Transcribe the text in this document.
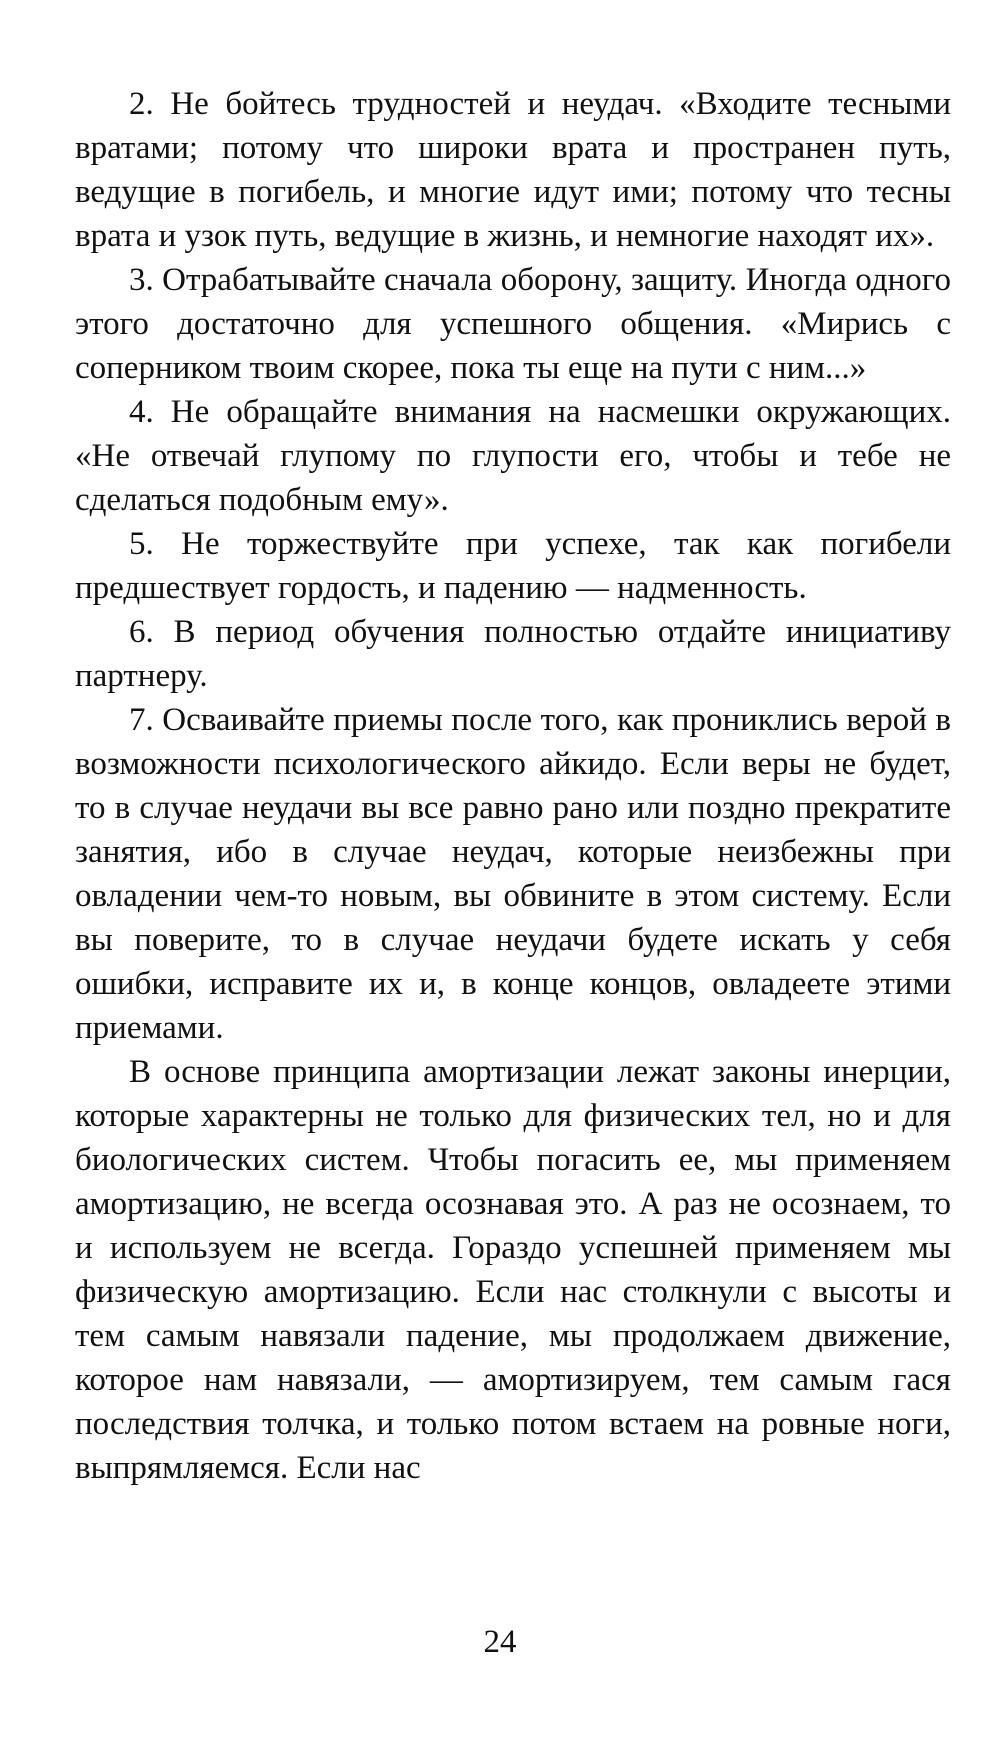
2. Не бойтесь трудностей и неудач. «Входите тесными вратами; потому что широки врата и пространен путь, ведущие в погибель, и многие идут ими; потому что тесны врата и узок путь, ведущие в жизнь, и немногие находят их».

3. Отрабатывайте сначала оборону, защиту. Иногда одного этого достаточно для успешного общения. «Мирись с соперником твоим скорее, пока ты еще на пути с ним...»

4. Не обращайте внимания на насмешки окружающих. «Не отвечай глупому по глупости его, чтобы и тебе не сделаться подобным ему».

5. Не торжествуйте при успехе, так как погибели предшествует гордость, и падению — надменность.

6. В период обучения полностью отдайте инициативу партнеру.

7. Осваивайте приемы после того, как прониклись верой в возможности психологического айкидо. Если веры не будет, то в случае неудачи вы все равно рано или поздно прекратите занятия, ибо в случае неудач, которые неизбежны при овладении чем-то новым, вы обвините в этом систему. Если вы поверите, то в случае неудачи будете искать у себя ошибки, исправите их и, в конце концов, овладеете этими приемами.

В основе принципа амортизации лежат законы инерции, которые характерны не только для физических тел, но и для биологических систем. Чтобы погасить ее, мы применяем амортизацию, не всегда осознавая это. А раз не осознаем, то и используем не всегда. Гораздо успешней применяем мы физическую амортизацию. Если нас столкнули с высоты и тем самым навязали падение, мы продолжаем движение, которое нам навязали, — амортизируем, тем самым гася последствия толчка, и только потом встаем на ровные ноги, выпрямляемся. Если нас

24
